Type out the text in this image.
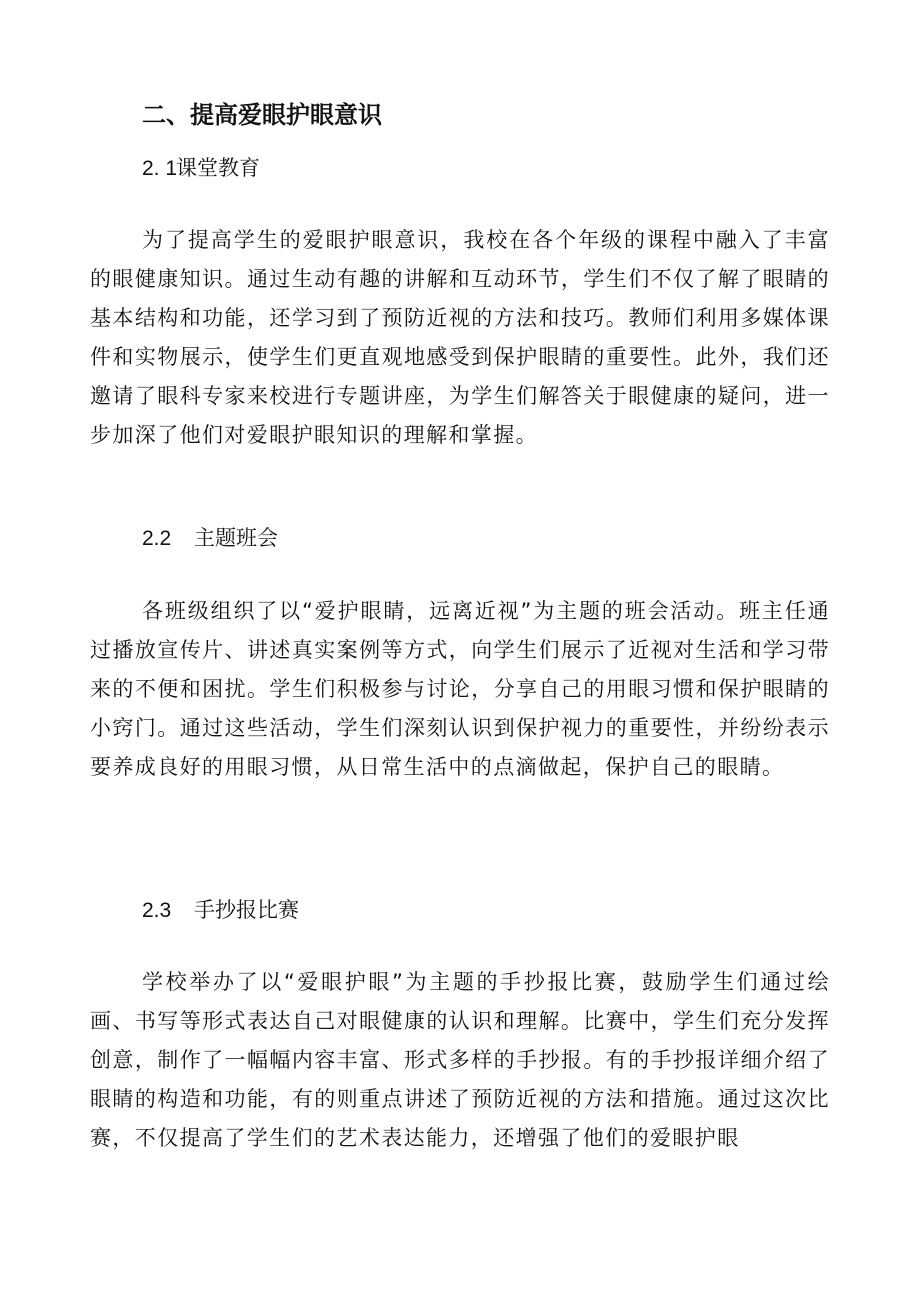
二、提高爱眼护眼意识
2. 1课堂教育

为了提高学生的爱眼护眼意识，我校在各个年级的课程中融入了丰富的眼健康知识。通过生动有趣的讲解和互动环节，学生们不仅了解了眼睛的基本结构和功能，还学习到了预防近视的方法和技巧。教师们利用多媒体课件和实物展示，使学生们更直观地感受到保护眼睛的重要性。此外，我们还邀请了眼科专家来校进行专题讲座，为学生们解答关于眼健康的疑问，进一步加深了他们对爱眼护眼知识的理解和掌握。

2.2 主题班会

各班级组织了以“爱护眼睛，远离近视”为主题的班会活动。班主任通过播放宣传片、讲述真实案例等方式，向学生们展示了近视对生活和学习带来的不便和困扰。学生们积极参与讨论，分享自己的用眼习惯和保护眼睛的小窍门。通过这些活动，学生们深刻认识到保护视力的重要性，并纷纷表示要养成良好的用眼习惯，从日常生活中的点滴做起，保护自己的眼睛。

2.3 手抄报比赛

学校举办了以“爱眼护眼”为主题的手抄报比赛，鼓励学生们通过绘画、书写等形式表达自己对眼健康的认识和理解。比赛中，学生们充分发挥创意，制作了一幅幅内容丰富、形式多样的手抄报。有的手抄报详细介绍了眼睛的构造和功能，有的则重点讲述了预防近视的方法和措施。通过这次比赛，不仅提高了学生们的艺术表达能力，还增强了他们的爱眼护眼
